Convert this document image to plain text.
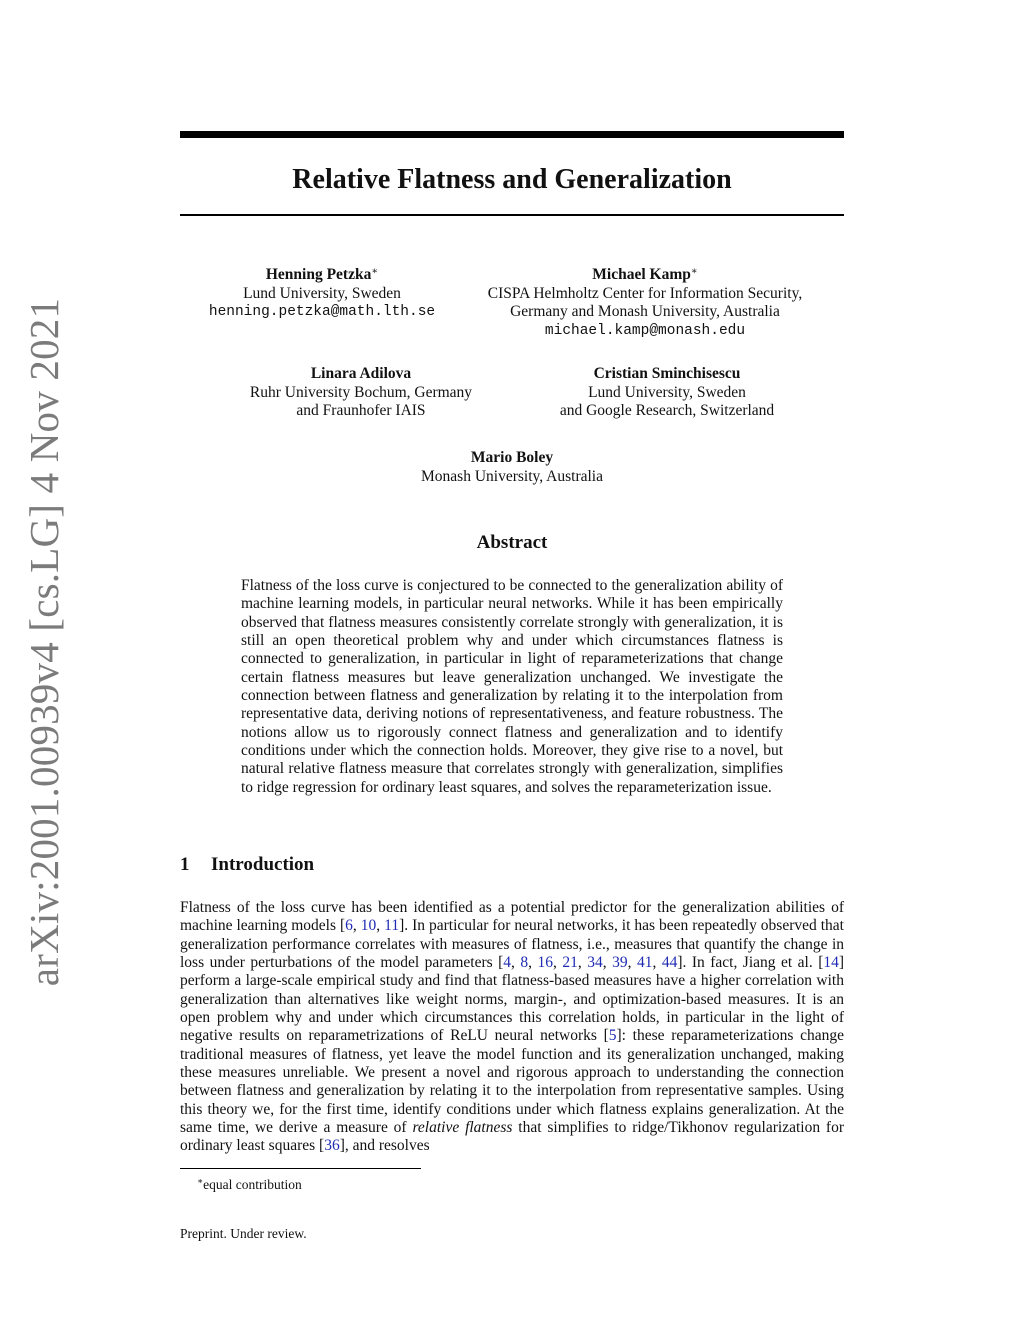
arXiv:2001.00939v4 [cs.LG] 4 Nov 2021
Relative Flatness and Generalization
Henning Petzka∗
Lund University, Sweden
henning.petzka@math.lth.se
Michael Kamp∗
CISPA Helmholtz Center for Information Security,
Germany and Monash University, Australia
michael.kamp@monash.edu
Linara Adilova
Ruhr University Bochum, Germany
and Fraunhofer IAIS
Cristian Sminchisescu
Lund University, Sweden
and Google Research, Switzerland
Mario Boley
Monash University, Australia
Abstract
Flatness of the loss curve is conjectured to be connected to the generalization ability of machine learning models, in particular neural networks. While it has been empirically observed that flatness measures consistently correlate strongly with generalization, it is still an open theoretical problem why and under which circumstances flatness is connected to generalization, in particular in light of reparameterizations that change certain flatness measures but leave generalization unchanged. We investigate the connection between flatness and generalization by relating it to the interpolation from representative data, deriving notions of representativeness, and feature robustness. The notions allow us to rigorously connect flatness and generalization and to identify conditions under which the connection holds. Moreover, they give rise to a novel, but natural relative flatness measure that correlates strongly with generalization, simplifies to ridge regression for ordinary least squares, and solves the reparameterization issue.
1 Introduction
Flatness of the loss curve has been identified as a potential predictor for the generalization abilities of machine learning models [6, 10, 11]. In particular for neural networks, it has been repeatedly observed that generalization performance correlates with measures of flatness, i.e., measures that quantify the change in loss under perturbations of the model parameters [4, 8, 16, 21, 34, 39, 41, 44]. In fact, Jiang et al. [14] perform a large-scale empirical study and find that flatness-based measures have a higher correlation with generalization than alternatives like weight norms, margin-, and optimization-based measures. It is an open problem why and under which circumstances this correlation holds, in particular in the light of negative results on reparametrizations of ReLU neural networks [5]: these reparameterizations change traditional measures of flatness, yet leave the model function and its generalization unchanged, making these measures unreliable. We present a novel and rigorous approach to understanding the connection between flatness and generalization by relating it to the interpolation from representative samples. Using this theory we, for the first time, identify conditions under which flatness explains generalization. At the same time, we derive a measure of relative flatness that simplifies to ridge/Tikhonov regularization for ordinary least squares [36], and resolves
∗equal contribution
Preprint. Under review.
